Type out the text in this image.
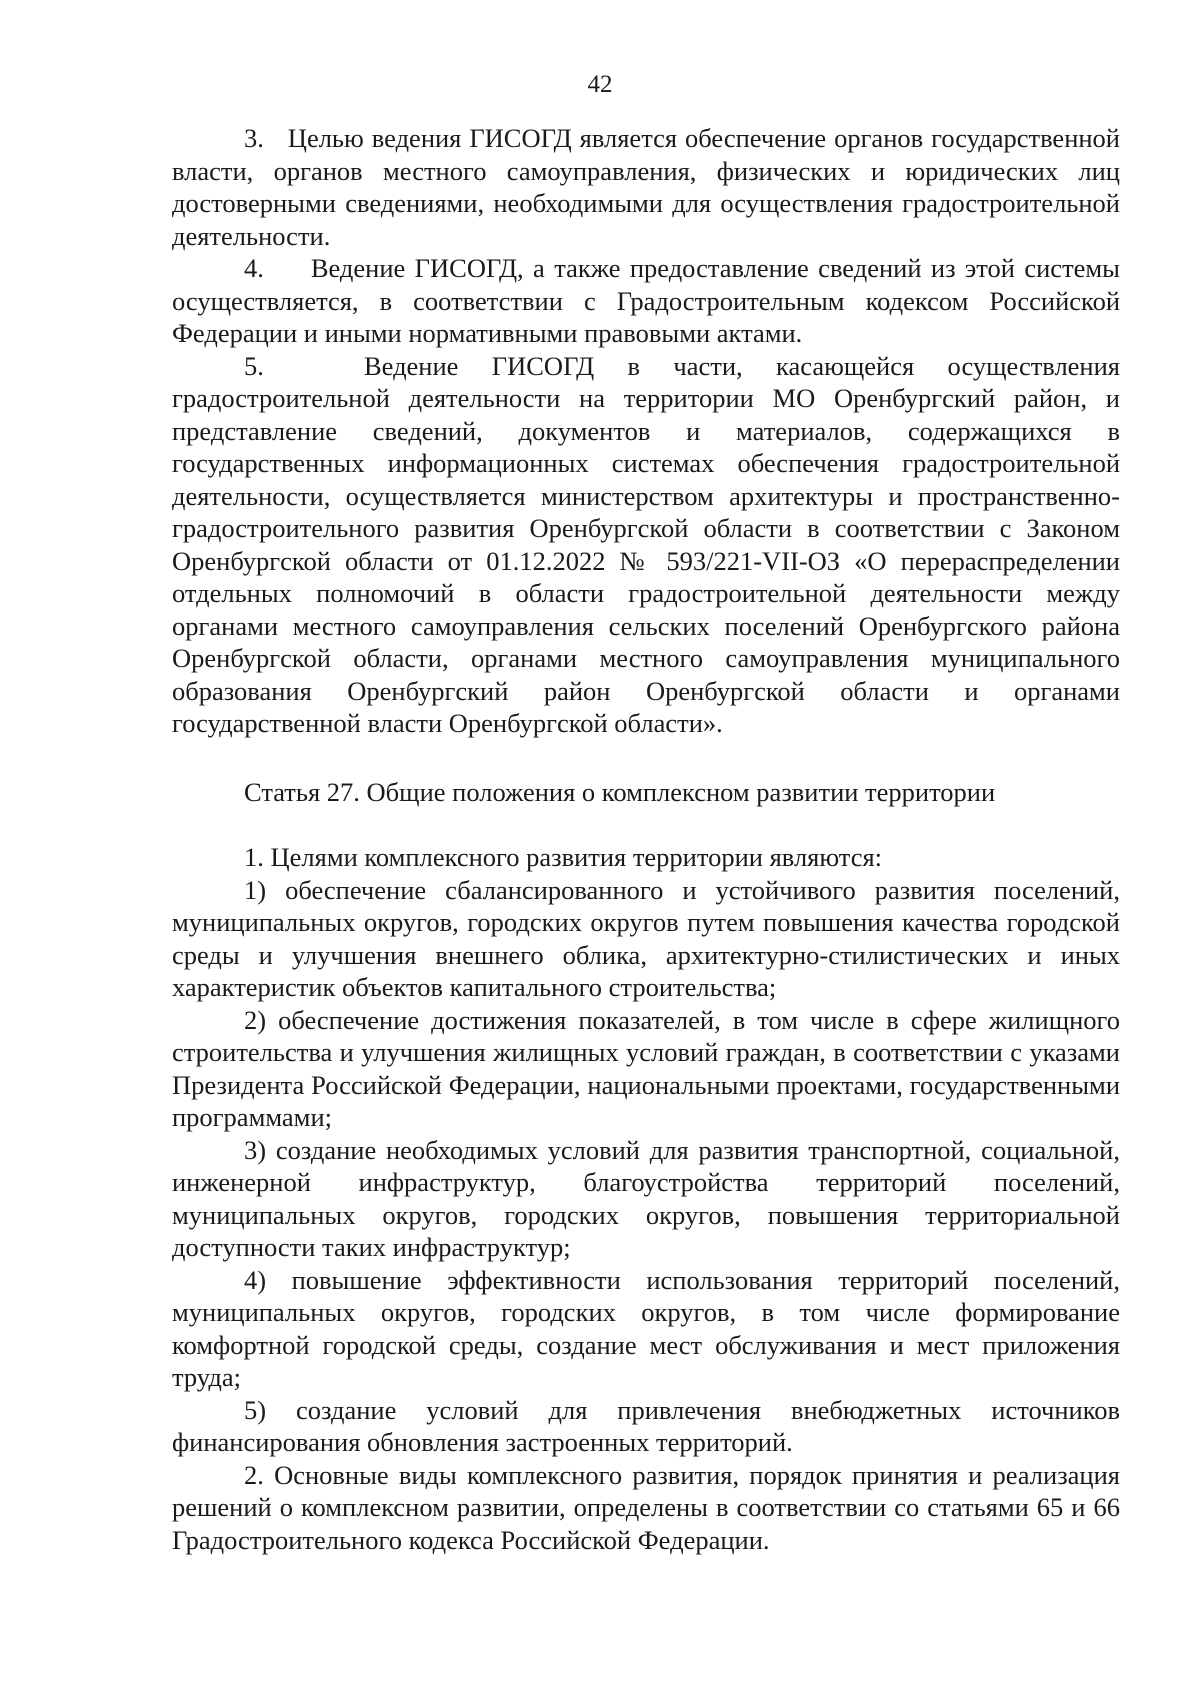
42

3.   Целью ведения ГИСОГД является обеспечение органов государственной власти, органов местного самоуправления, физических и юридических лиц достоверными сведениями, необходимыми для осуществления градостроительной деятельности.

4.     Ведение ГИСОГД, а также предоставление сведений из этой системы осуществляется, в соответствии с Градостроительным кодексом Российской Федерации и иными нормативными правовыми актами.

5.   Ведение ГИСОГД в части, касающейся осуществления градостроительной деятельности на территории МО Оренбургский район, и представление сведений, документов и материалов, содержащихся в государственных информационных системах обеспечения градостроительной деятельности, осуществляется министерством архитектуры и пространственно-градостроительного развития Оренбургской области в соответствии с Законом Оренбургской области от 01.12.2022 № 593/221-VII-ОЗ «О перераспределении отдельных полномочий в области градостроительной деятельности между органами местного самоуправления сельских поселений Оренбургского района Оренбургской области, органами местного самоуправления муниципального образования Оренбургский район Оренбургской области и органами государственной власти Оренбургской области».

Статья 27. Общие положения о комплексном развитии территории

1. Целями комплексного развития территории являются:

1) обеспечение сбалансированного и устойчивого развития поселений, муниципальных округов, городских округов путем повышения качества городской среды и улучшения внешнего облика, архитектурно-стилистических и иных характеристик объектов капитального строительства;

2) обеспечение достижения показателей, в том числе в сфере жилищного строительства и улучшения жилищных условий граждан, в соответствии с указами Президента Российской Федерации, национальными проектами, государственными программами;

3) создание необходимых условий для развития транспортной, социальной, инженерной инфраструктур, благоустройства территорий поселений, муниципальных округов, городских округов, повышения территориальной доступности таких инфраструктур;

4) повышение эффективности использования территорий поселений, муниципальных округов, городских округов, в том числе формирование комфортной городской среды, создание мест обслуживания и мест приложения труда;

5) создание условий для привлечения внебюджетных источников финансирования обновления застроенных территорий.

2. Основные виды комплексного развития, порядок принятия и реализация решений о комплексном развитии, определены в соответствии со статьями 65 и 66 Градостроительного кодекса Российской Федерации.
